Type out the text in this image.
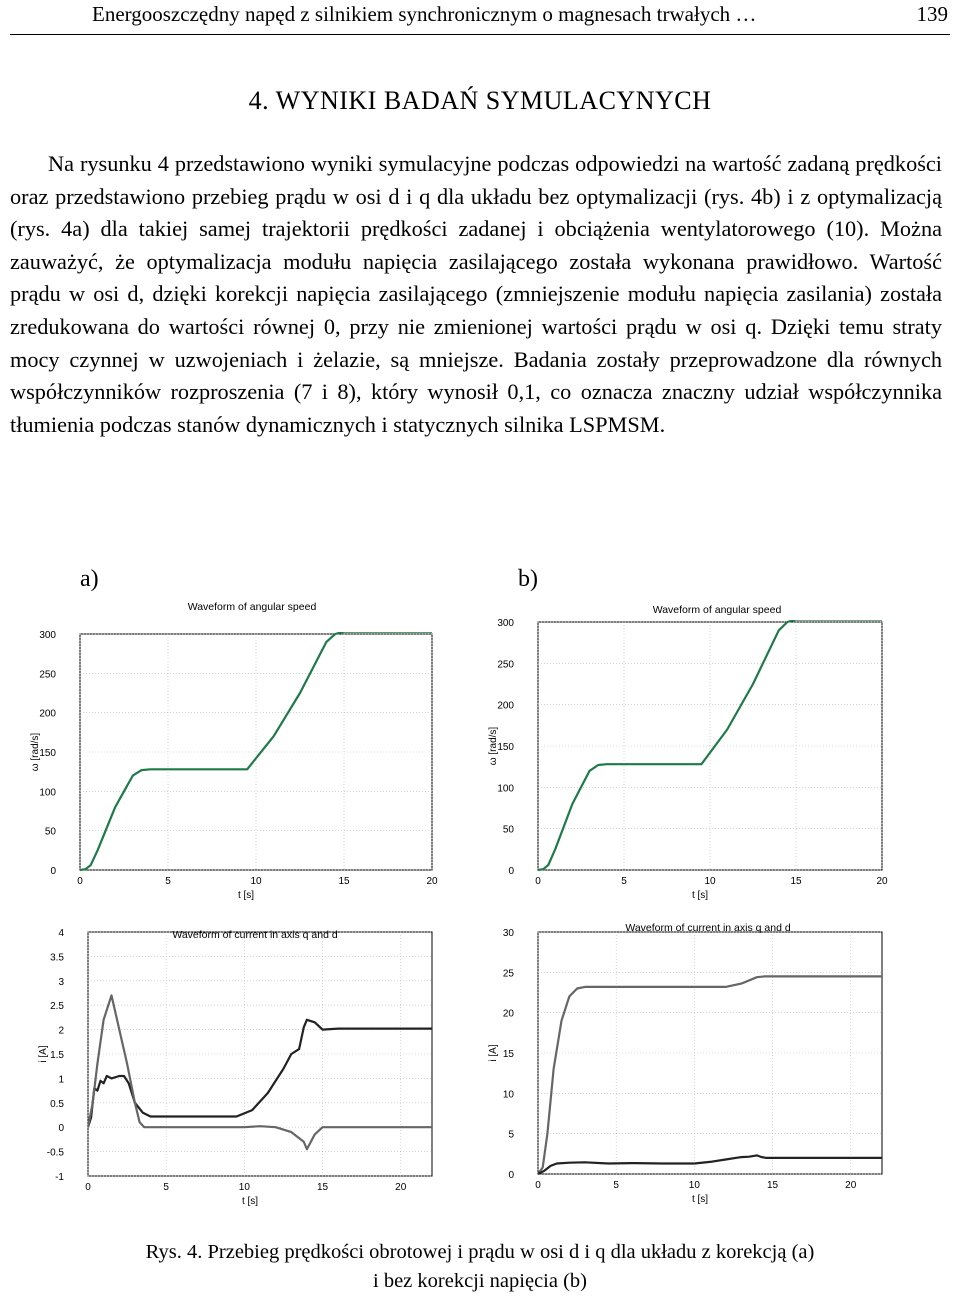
Energooszczędny napęd z silnikiem synchronicznym o magnesach trwałych …	139
4. WYNIKI BADAŃ SYMULACYNYCH

Na rysunku 4 przedstawiono wyniki symulacyjne podczas odpowiedzi na wartość zadaną prędkości oraz przedstawiono przebieg prądu w osi d i q dla układu bez optymalizacji (rys. 4b) i z optymalizacją (rys. 4a) dla takiej samej trajektorii prędkości zadanej i obciążenia wentylatorowego (10). Można zauważyć, że optymalizacja modułu napięcia zasilającego została wykonana prawidłowo. Wartość prądu w osi d, dzięki korekcji napięcia zasilającego (zmniejszenie modułu napięcia zasilania) została zredukowana do wartości równej 0, przy nie zmienionej wartości prądu w osi q. Dzięki temu straty mocy czynnej w uzwojeniach i żelazie, są mniejsze. Badania zostały przeprowadzone dla równych współczynników rozproszenia (7 i 8), który wynosił 0,1, co oznacza znaczny udział współczynnika tłumienia podczas stanów dynamicznych i statycznych silnika LSPMSM.

a)	b)
0	5	10	15	20
0
50
100
150
200
250
300
Waveform of angular speed
t [s]
ω [rad/s]
0	5	10	15	20
0
50
100
150
200
250
300
Waveform of angular speed
t [s]
ω [rad/s]
0	5	10	15	20
-1
-0.5
0
0.5
1
1.5
2
2.5
3
3.5
4	Waveform of current in axis q and d
t [s]
i [A]
0	5	10	15	20
0
5
10
15
20
25
30	Waveform of current in axis q and d
t [s]
i [A]
Rys. 4. Przebieg prędkości obrotowej i prądu w osi d i q dla układu z korekcją (a)
i bez korekcji napięcia (b)
